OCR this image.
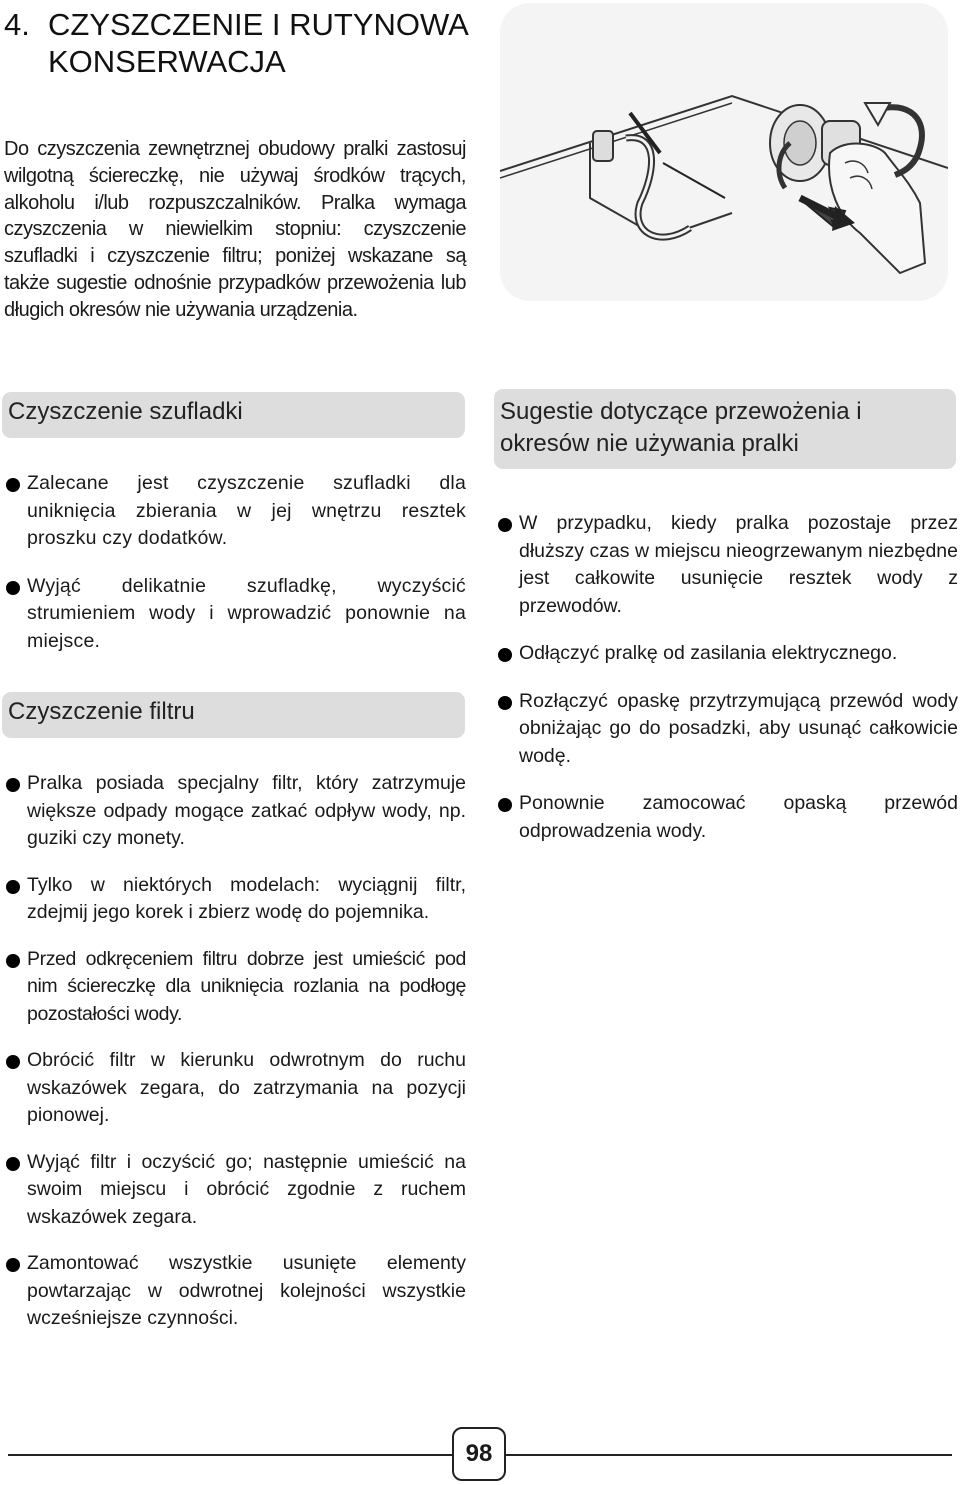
4. CZYSZCZENIE I RUTYNOWA KONSERWACJA

Do czyszczenia zewnętrznej obudowy pralki zastosuj wilgotną ściereczkę, nie używaj środków trących, alkoholu i/lub rozpuszczalników. Pralka wymaga czyszczenia w niewielkim stopniu: czyszczenie szufladki i czyszczenie filtru; poniżej wskazane są także sugestie odnośnie przypadków przewożenia lub długich okresów nie używania urządzenia.

Czyszczenie szufladki
Zalecane jest czyszczenie szufladki dla uniknięcia zbierania w jej wnętrzu resztek proszku czy dodatków.
Wyjąć delikatnie szufladkę, wyczyścić strumieniem wody i wprowadzić ponownie na miejsce.
Czyszczenie filtru
Pralka posiada specjalny filtr, który zatrzymuje większe odpady mogące zatkać odpływ wody, np. guziki czy monety.
Tylko w niektórych modelach: wyciągnij filtr, zdejmij jego korek i zbierz wodę do pojemnika.
Przed odkręceniem filtru dobrze jest umieścić pod nim ściereczkę dla uniknięcia rozlania na podłogę pozostałości wody.
Obrócić filtr w kierunku odwrotnym do ruchu wskazówek zegara, do zatrzymania na pozycji pionowej.
Wyjąć filtr i oczyścić go; następnie umieścić na swoim miejscu i obrócić zgodnie z ruchem wskazówek zegara.
Zamontować wszystkie usunięte elementy powtarzając w odwrotnej kolejności wszystkie wcześniejsze czynności.
Sugestie dotyczące przewożenia i okresów nie używania pralki
W przypadku, kiedy pralka pozostaje przez dłuższy czas w miejscu nieogrzewanym niezbędne jest całkowite usunięcie resztek wody z przewodów.
Odłączyć pralkę od zasilania elektrycznego.
Rozłączyć opaskę przytrzymującą przewód wody obniżając go do posadzki, aby usunąć całkowicie wodę.
Ponownie zamocować opaską przewód odprowadzenia wody.
98
